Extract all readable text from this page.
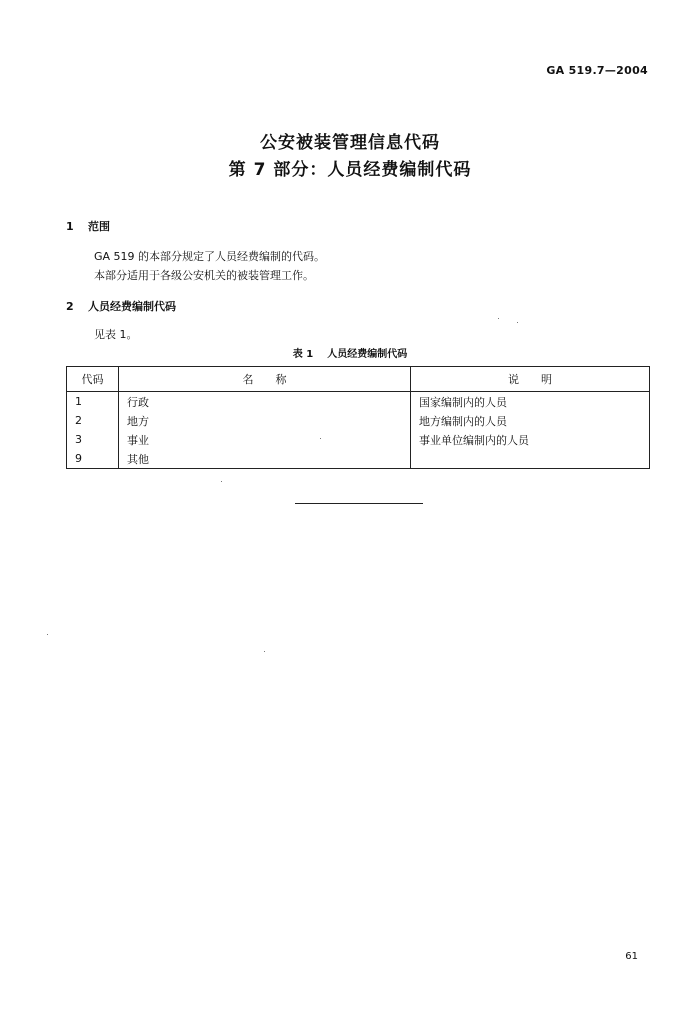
GA 519.7—2004
公安被装管理信息代码
第 7 部分：人员经费编制代码
1 范围
GA 519 的本部分规定了人员经费编制的代码。
本部分适用于各级公安机关的被装管理工作。
2 人员经费编制代码
见表 1。
表 1 人员经费编制代码
代码	名　　称	说　　明
1	行政	国家编制内的人员
2	地方	地方编制内的人员
3	事业	事业单位编制内的人员
9	其他	
61
